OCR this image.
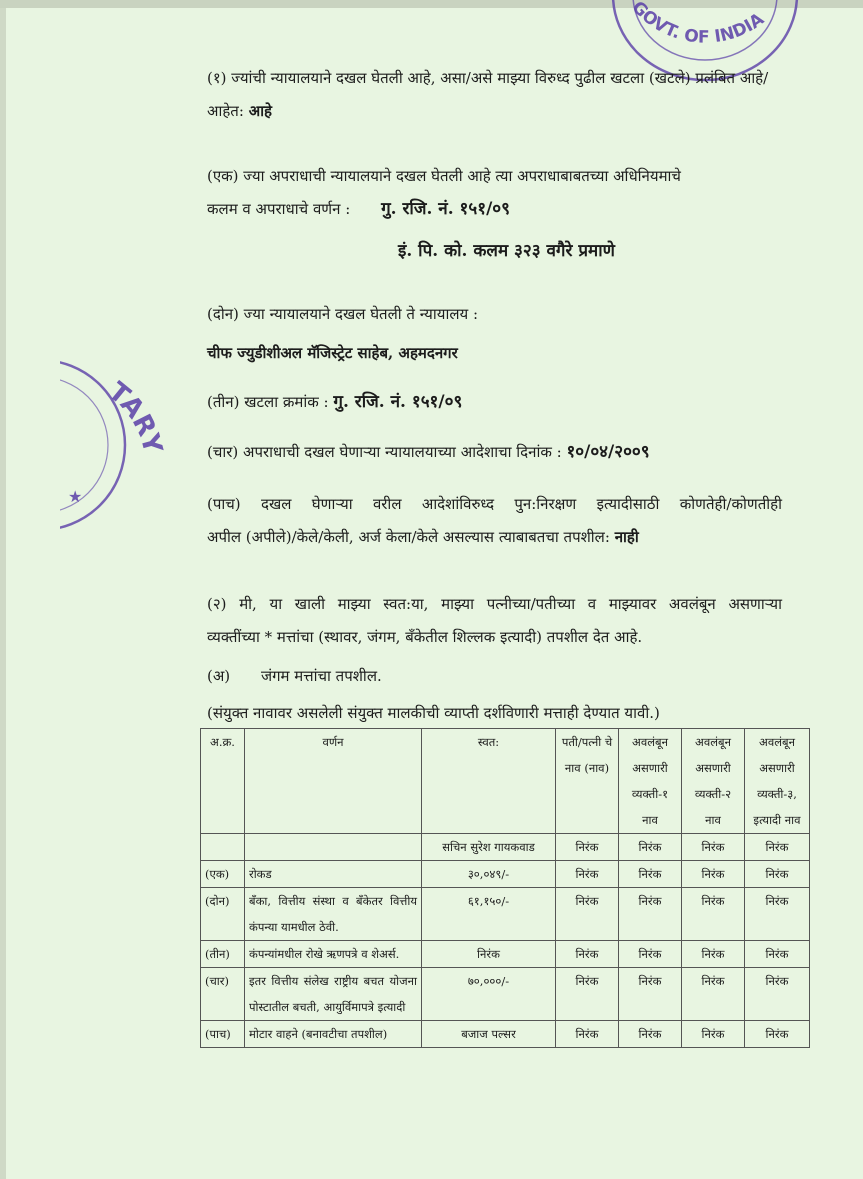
GOVT. OF INDIA
TARY
★
(१) ज्यांची न्यायालयाने दखल घेतली आहे, असा/असे माझ्या विरुध्द पुढील खटला (खटले) प्रलंबित आहे/आहेत: आहे
(एक) ज्या अपराधाची न्यायालयाने दखल घेतली आहे त्या अपराधाबाबतच्या अधिनियमाचे
कलम व अपराधाचे वर्णन : गु. रजि. नं. १५१/०९
इं. पि. को. कलम ३२३ वगैरे प्रमाणे
(दोन) ज्या न्यायालयाने दखल घेतली ते न्यायालय :
चीफ ज्युडीशीअल मॅजिस्ट्रेट साहेब, अहमदनगर
(तीन) खटला क्रमांक : गु. रजि. नं. १५१/०९
(चार) अपराधाची दखल घेणाऱ्या न्यायालयाच्या आदेशाचा दिनांक : १०/०४/२००९
(पाच) दखल घेणाऱ्या वरील आदेशांविरुध्द पुन:निरक्षण इत्यादीसाठी कोणतेही/कोणतीही
अपील (अपीले)/केले/केली, अर्ज केला/केले असल्यास त्याबाबतचा तपशील: नाही
(२) मी, या खाली माझ्या स्वत:या, माझ्या पत्नीच्या/पतीच्या व माझ्यावर अवलंबून असणाऱ्या
व्यक्तींच्या * मत्तांचा (स्थावर, जंगम, बँकेतील शिल्लक इत्यादी) तपशील देत आहे.
(अ) जंगम मत्तांचा तपशील.
(संयुक्त नावावर असलेली संयुक्त मालकीची व्याप्ती दर्शविणारी मत्ताही देण्यात यावी.)
अ.क्र.	वर्णन	स्वत:	पती/पत्नी चे नाव (नाव)	अवलंबून असणारी व्यक्ती-१ नाव	अवलंबून असणारी व्यक्ती-२ नाव	अवलंबून असणारी व्यक्ती-३, इत्यादी नाव
		सचिन सुरेश गायकवाड	निरंक	निरंक	निरंक	निरंक
(एक)	रोकड	३०,०४९/-	निरंक	निरंक	निरंक	निरंक
(दोन)	बँका, वित्तीय संस्था व बँकेतर वित्तीय कंपन्या यामधील ठेवी.	६१,१५०/-	निरंक	निरंक	निरंक	निरंक
(तीन)	कंपन्यांमधील रोखे ऋणपत्रे व शेअर्स.	निरंक	निरंक	निरंक	निरंक	निरंक
(चार)	इतर वित्तीय संलेख राष्ट्रीय बचत योजना पोस्टातील बचती, आयुर्विमापत्रे इत्यादी	७०,०००/-	निरंक	निरंक	निरंक	निरंक
(पाच)	मोटार वाहने (बनावटीचा तपशील)	बजाज पल्सर	निरंक	निरंक	निरंक	निरंक
